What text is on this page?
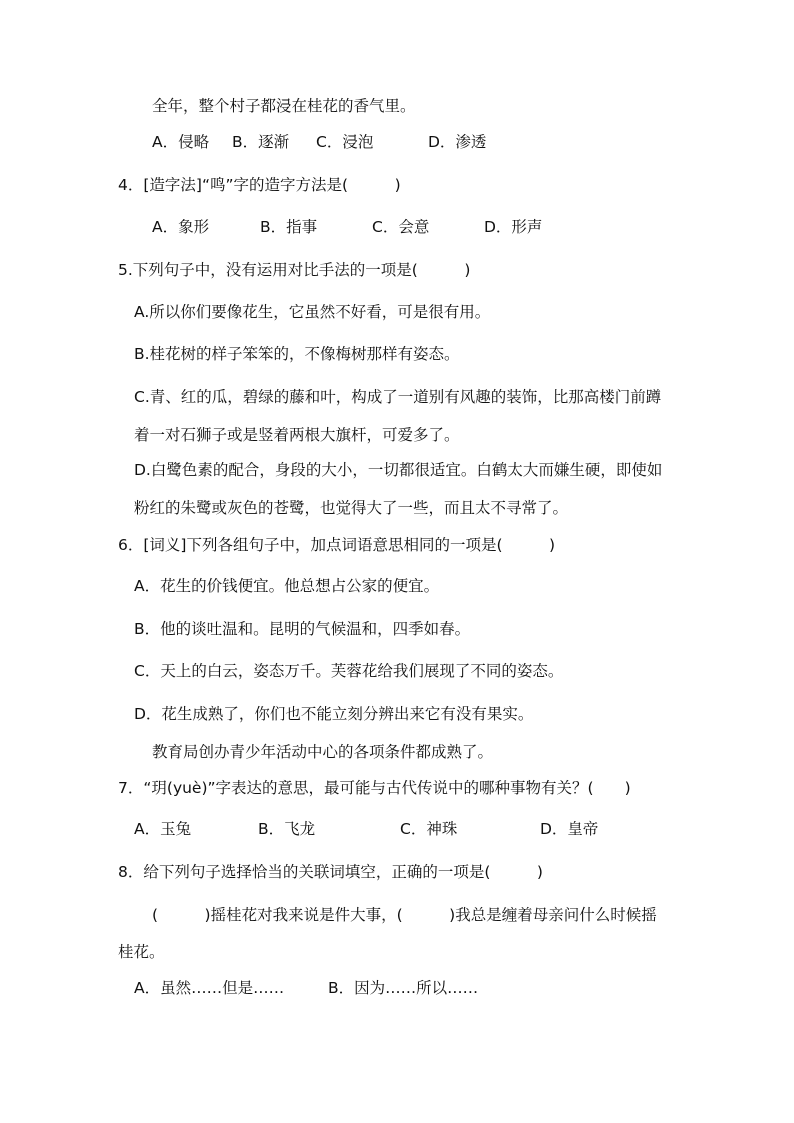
全年，整个村子都浸在桂花的香气里。
A．侵略 B．逐渐 C．浸泡	D．渗透
4．[造字法]“鸣”字的造字方法是(　　　)
A．象形	B．指事	C．会意	D．形声
5.下列句子中，没有运用对比手法的一项是(　　　)
A.所以你们要像花生，它虽然不好看，可是很有用。
B.桂花树的样子笨笨的，不像梅树那样有姿态。
C.青、红的瓜，碧绿的藤和叶，构成了一道别有风趣的装饰，比那高楼门前蹲
着一对石狮子或是竖着两根大旗杆，可爱多了。
D.白鹭色素的配合，身段的大小，一切都很适宜。白鹤太大而嫌生硬，即使如
粉红的朱鹭或灰色的苍鹭，也觉得大了一些，而且太不寻常了。
6．[词义]下列各组句子中，加点词语意思相同的一项是(　　　)
A．花生的价钱便宜。他总想占公家的便宜。
B．他的谈吐温和。昆明的气候温和，四季如春。
C．天上的白云，姿态万千。芙蓉花给我们展现了不同的姿态。
D．花生成熟了，你们也不能立刻分辨出来它有没有果实。
教育局创办青少年活动中心的各项条件都成熟了。
7．“玥(yuè)”字表达的意思，最可能与古代传说中的哪种事物有关？(　　)
A．玉兔	B．飞龙	C．神珠	D．皇帝
8．给下列句子选择恰当的关联词填空，正确的一项是(　　　)
(　　　)摇桂花对我来说是件大事，(　　　)我总是缠着母亲问什么时候摇
桂花。
A．虽然……但是……	B．因为……所以……
